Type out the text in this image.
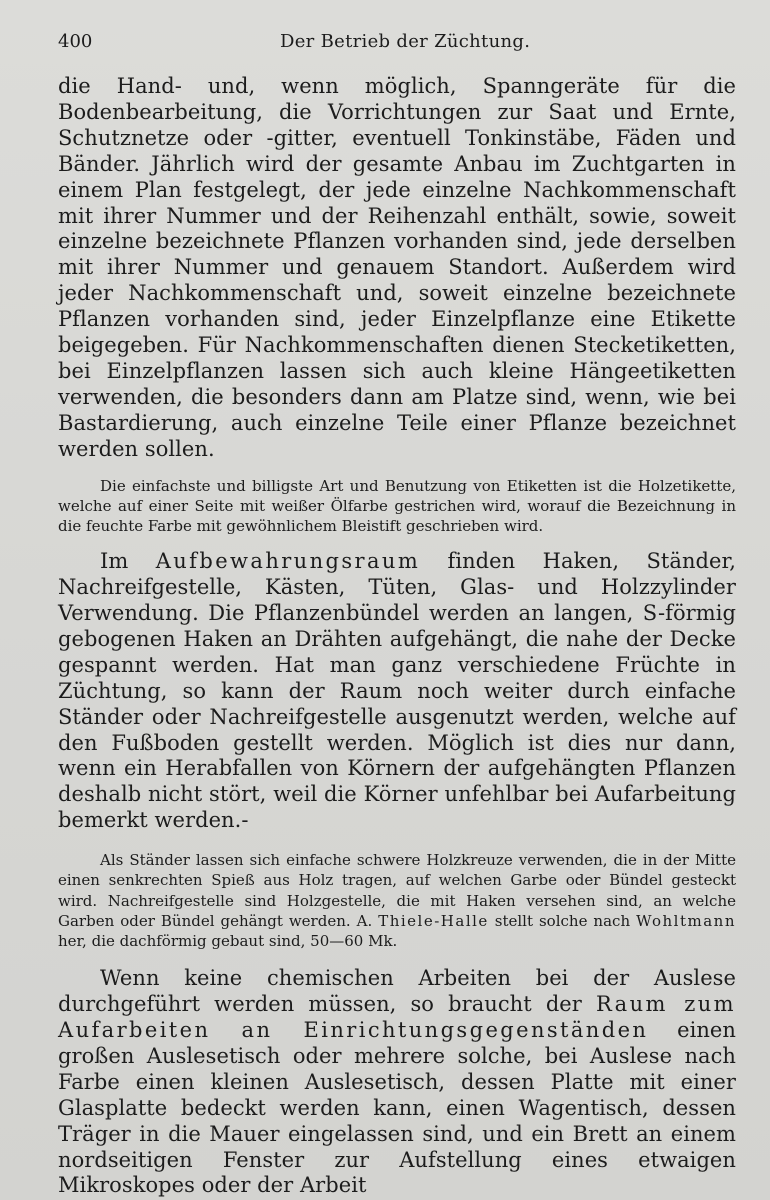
400	Der Betrieb der Züchtung.

die Hand- und, wenn möglich, Spanngeräte für die Bodenbearbeitung, die Vorrichtungen zur Saat und Ernte, Schutznetze oder -gitter, eventuell Tonkinstäbe, Fäden und Bänder. Jährlich wird der gesamte Anbau im Zuchtgarten in einem Plan festgelegt, der jede einzelne Nachkommenschaft mit ihrer Nummer und der Reihenzahl enthält, sowie, soweit einzelne bezeichnete Pflanzen vorhanden sind, jede derselben mit ihrer Nummer und genauem Standort. Außerdem wird jeder Nachkommenschaft und, soweit einzelne bezeichnete Pflanzen vorhanden sind, jeder Einzelpflanze eine Etikette beigegeben. Für Nachkommenschaften dienen Stecketiketten, bei Einzelpflanzen lassen sich auch kleine Hängeetiketten verwenden, die besonders dann am Platze sind, wenn, wie bei Bastardierung, auch einzelne Teile einer Pflanze bezeichnet werden sollen.

Die einfachste und billigste Art und Benutzung von Etiketten ist die Holzetikette, welche auf einer Seite mit weißer Ölfarbe gestrichen wird, worauf die Bezeichnung in die feuchte Farbe mit gewöhnlichem Bleistift geschrieben wird.

Im Aufbewahrungsraum finden Haken, Ständer, Nachreifgestelle, Kästen, Tüten, Glas- und Holzzylinder Verwendung. Die Pflanzenbündel werden an langen, S-förmig gebogenen Haken an Drähten aufgehängt, die nahe der Decke gespannt werden. Hat man ganz verschiedene Früchte in Züchtung, so kann der Raum noch weiter durch einfache Ständer oder Nachreifgestelle ausgenutzt werden, welche auf den Fußboden gestellt werden. Möglich ist dies nur dann, wenn ein Herabfallen von Körnern der aufgehängten Pflanzen deshalb nicht stört, weil die Körner unfehlbar bei Aufarbeitung bemerkt werden.-

Als Ständer lassen sich einfache schwere Holzkreuze verwenden, die in der Mitte einen senkrechten Spieß aus Holz tragen, auf welchen Garbe oder Bündel gesteckt wird. Nachreifgestelle sind Holzgestelle, die mit Haken versehen sind, an welche Garben oder Bündel gehängt werden. A. Thiele-Halle stellt solche nach Wohltmann her, die dachförmig gebaut sind, 50—60 Mk.

Wenn keine chemischen Arbeiten bei der Auslese durchgeführt werden müssen, so braucht der Raum zum Aufarbeiten an Einrichtungsgegenständen einen großen Auslesetisch oder mehrere solche, bei Auslese nach Farbe einen kleinen Auslesetisch, dessen Platte mit einer Glasplatte bedeckt werden kann, einen Wagentisch, dessen Träger in die Mauer eingelassen sind, und ein Brett an einem nordseitigen Fenster zur Aufstellung eines etwaigen Mikroskopes oder der Arbeit
